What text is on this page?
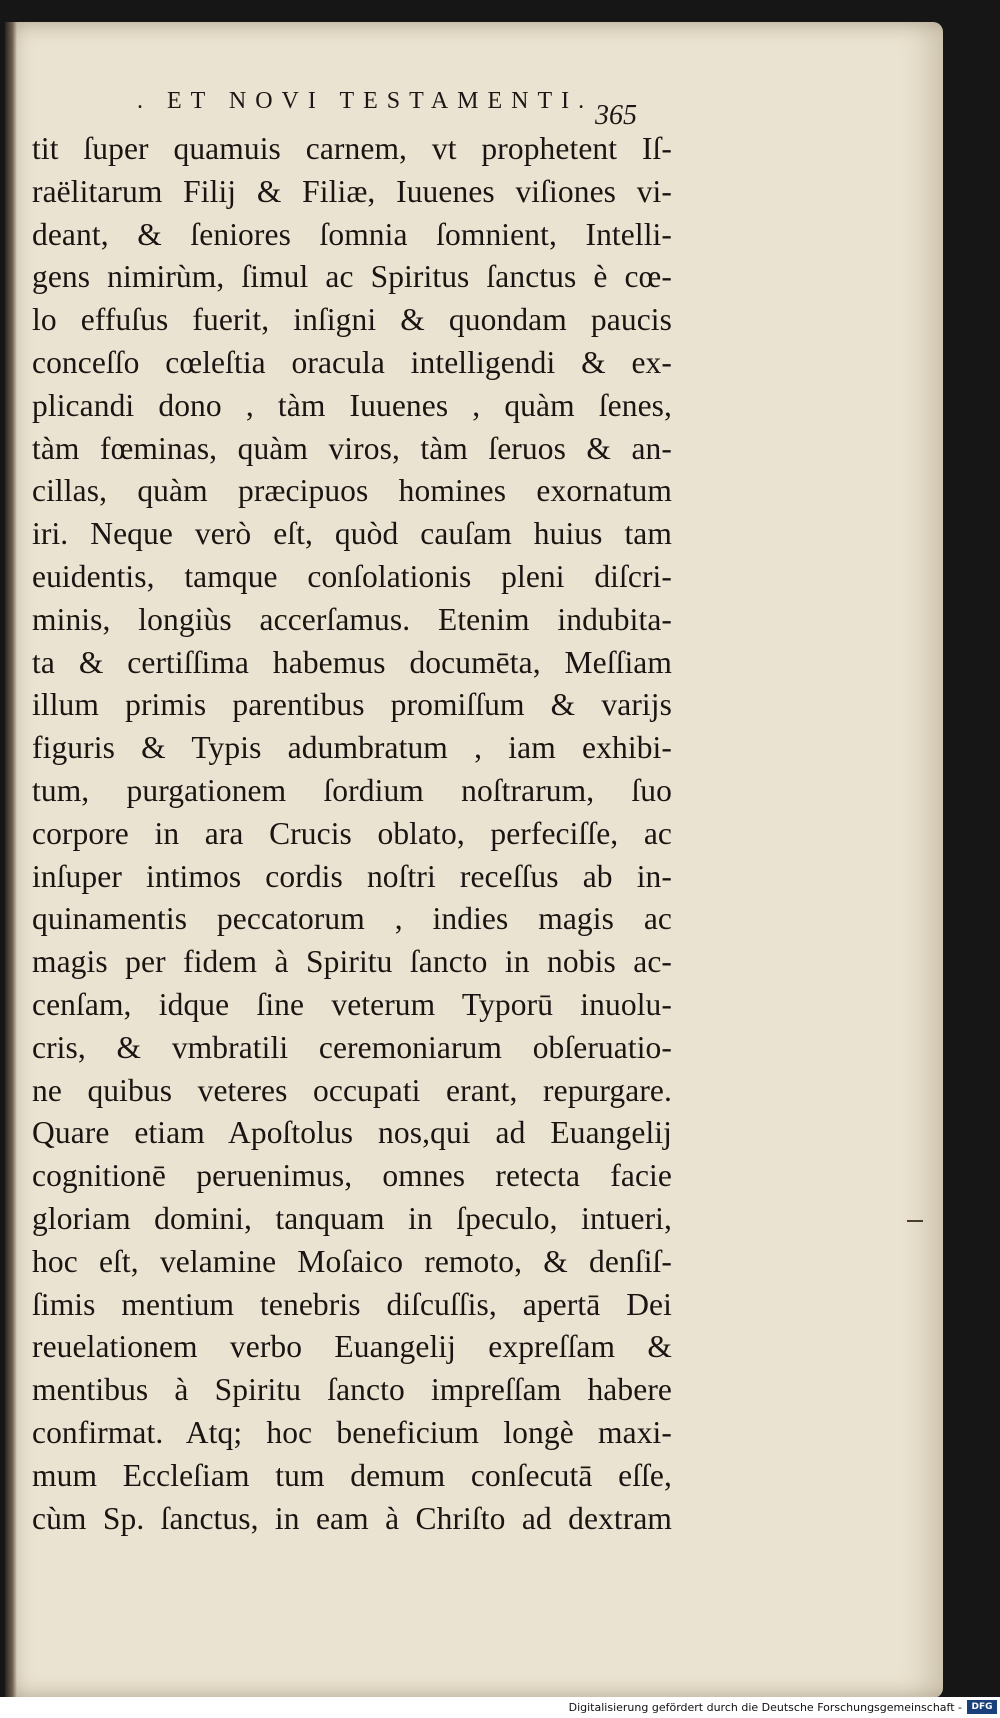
. ET NOVI TESTAMENTI. 365
tit ſuper quamuis carnem, vt prophetent Iſ-
raëlitarum Filij & Filiæ, Iuuenes viſiones vi-
deant, & ſeniores ſomnia ſomnient, Intelli-
gens nimirùm, ſimul ac Spiritus ſanctus è cœ-
lo effuſus fuerit, inſigni & quondam paucis
conceſſo cœleſtia oracula intelligendi & ex-
plicandi dono , tàm Iuuenes , quàm ſenes,
tàm fœminas, quàm viros, tàm ſeruos & an-
cillas, quàm præcipuos homines exornatum
iri. Neque verò eſt, quòd cauſam huius tam
euidentis, tamque conſolationis pleni diſcri-
minis, longiùs accerſamus. Etenim indubita-
ta & certiſſima habemus documēta, Meſſiam
illum primis parentibus promiſſum & varijs
figuris & Typis adumbratum , iam exhibi-
tum, purgationem ſordium noſtrarum, ſuo
corpore in ara Crucis oblato, perfeciſſe, ac
inſuper intimos cordis noſtri receſſus ab in-
quinamentis peccatorum , indies magis ac
magis per fidem à Spiritu ſancto in nobis ac-
cenſam, idque ſine veterum Typorū inuolu-
cris, & vmbratili ceremoniarum obſeruatio-
ne quibus veteres occupati erant, repurgare.
Quare etiam Apoſtolus nos,qui ad Euangelij
cognitionē peruenimus, omnes retecta facie
gloriam domini, tanquam in ſpeculo, intueri,
hoc eſt, velamine Moſaico remoto, & denſiſ-
ſimis mentium tenebris diſcuſſis, apertā Dei
reuelationem verbo Euangelij expreſſam &
mentibus à Spiritu ſancto impreſſam habere
confirmat. Atq; hoc beneficium longè maxi-
mum Eccleſiam tum demum conſecutā eſſe,
cùm Sp. ſanctus, in eam à Chriſto ad dextram
Digitalisierung gefördert durch die Deutsche Forschungsgemeinschaft -	DFG
